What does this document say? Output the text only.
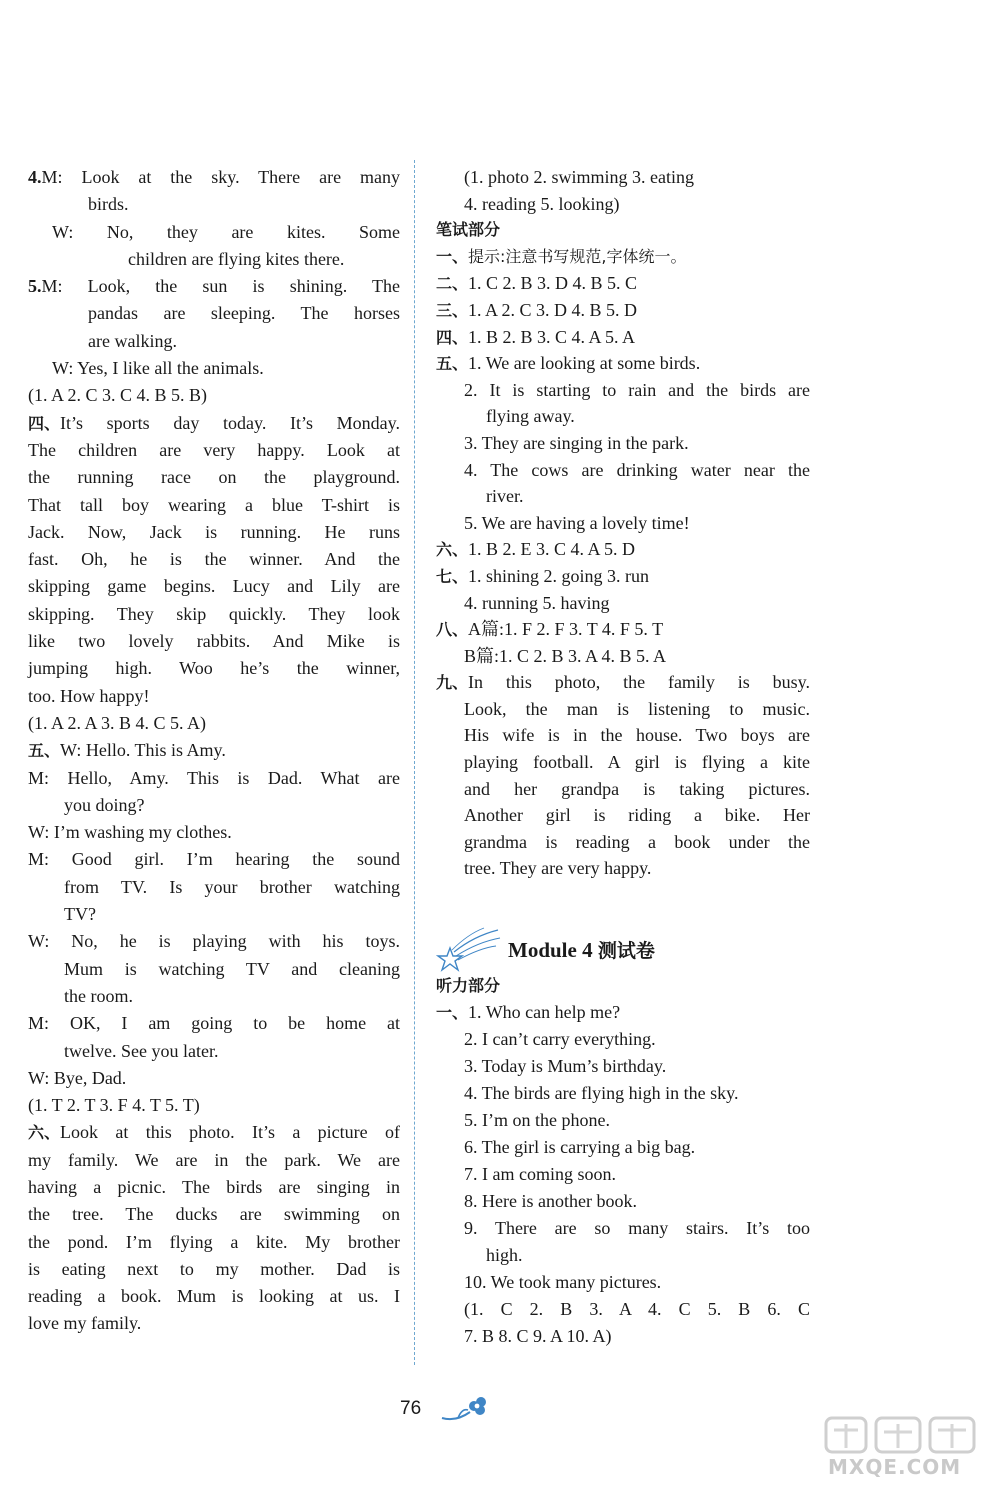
4. M: Look at the sky. There are many
birds.
W: No, they are kites. Some
children are flying kites there.
5. M: Look, the sun is shining. The
pandas are sleeping. The horses
are walking.
W: Yes, I like all the animals.
(1. A 2. C 3. C 4. B 5. B)
四、 It’s sports day today. It’s Monday.
The children are very happy. Look at
the running race on the playground.
That tall boy wearing a blue T-shirt is
Jack. Now, Jack is running. He runs
fast. Oh, he is the winner. And the
skipping game begins. Lucy and Lily are
skipping. They skip quickly. They look
like two lovely rabbits. And Mike is
jumping high. Woo he’s the winner,
too. How happy!
(1. A 2. A 3. B 4. C 5. A)
五、 W: Hello. This is Amy.
M: Hello, Amy. This is Dad. What are
you doing?
W: I’m washing my clothes.
M: Good girl. I’m hearing the sound
from TV. Is your brother watching
TV?
W: No, he is playing with his toys.
Mum is watching TV and cleaning
the room.
M: OK, I am going to be home at
twelve. See you later.
W: Bye, Dad.
(1. T 2. T 3. F 4. T 5. T)
六、 Look at this photo. It’s a picture of
my family. We are in the park. We are
having a picnic. The birds are singing in
the tree. The ducks are swimming on
the pond. I’m flying a kite. My brother
is eating next to my mother. Dad is
reading a book. Mum is looking at us. I
love my family.
(1. photo 2. swimming 3. eating
4. reading 5. looking)
笔试部分
一、 提示:注意书写规范,字体统一。
二、 1. C 2. B 3. D 4. B 5. C
三、 1. A 2. C 3. D 4. B 5. D
四、 1. B 2. B 3. C 4. A 5. A
五、 1. We are looking at some birds.
2. It is starting to rain and the birds are
flying away.
3. They are singing in the park.
4. The cows are drinking water near the
river.
5. We are having a lovely time!
六、 1. B 2. E 3. C 4. A 5. D
七、 1. shining 2. going 3. run
4. running 5. having
八、 A篇:1. F 2. F 3. T 4. F 5. T
B篇:1. C 2. B 3. A 4. B 5. A
九、 In this photo, the family is busy.
Look, the man is listening to music.
His wife is in the house. Two boys are
playing football. A girl is flying a kite
and her grandpa is taking pictures.
Another girl is riding a bike. Her
grandma is reading a book under the
tree. They are very happy.
Module 4 测试卷
听力部分
一、 1. Who can help me?
2. I can’t carry everything.
3. Today is Mum’s birthday.
4. The birds are flying high in the sky.
5. I’m on the phone.
6. The girl is carrying a big bag.
7. I am coming soon.
8. Here is another book.
9. There are so many stairs. It’s too
high.
10. We took many pictures.
(1. C 2. B 3. A 4. C 5. B 6. C
7. B 8. C 9. A 10. A)
76
MXQE.COM
